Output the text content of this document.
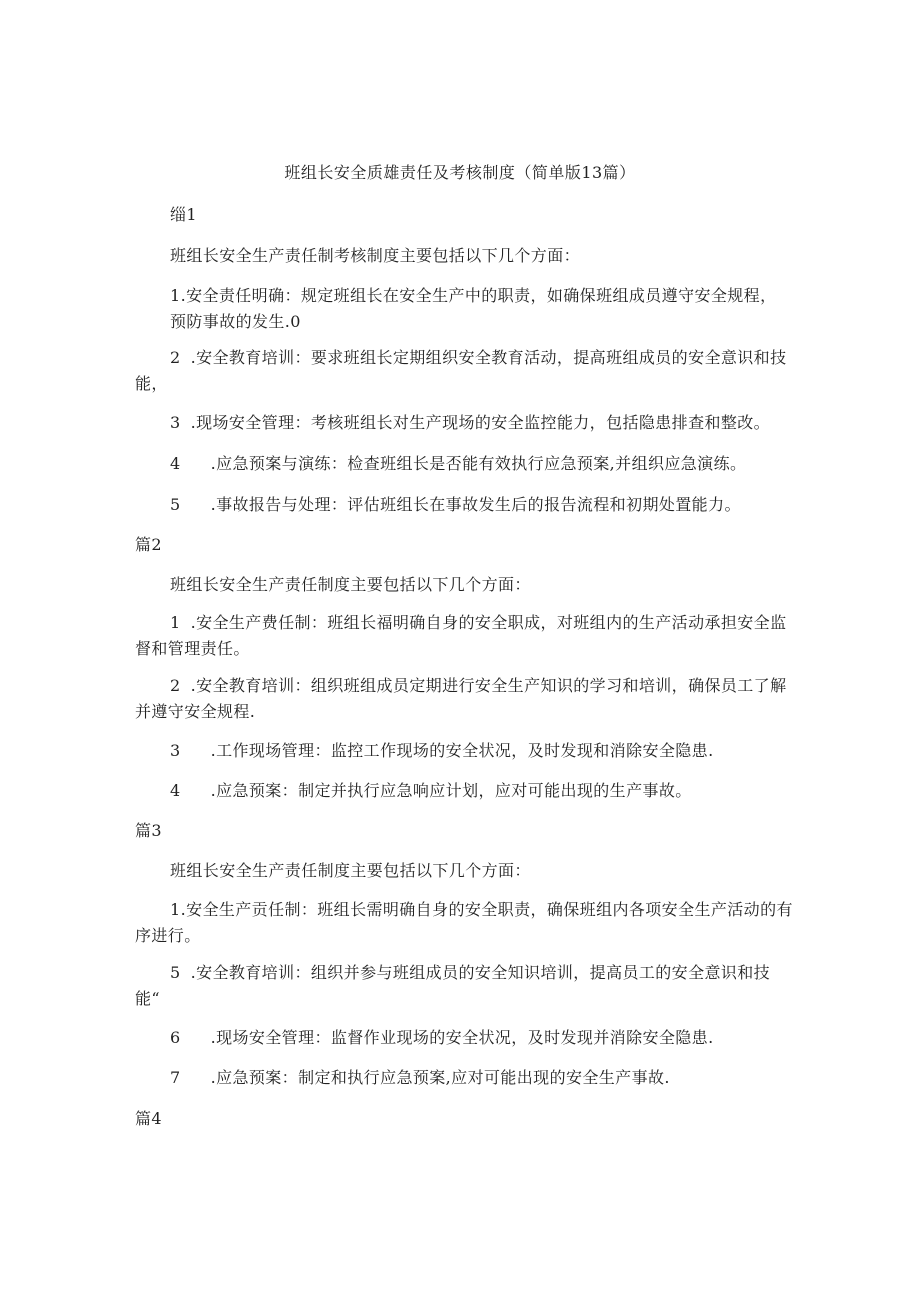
班组长安全质雄责任及考核制度（简单版13篇）
缁1
班组长安全生产责任制考核制度主要包括以下几个方面：
1.安全责任明确：规定班组长在安全生产中的职责，如确保班组成员遵守安全规程，预防事故的发生.0
2 .安全教育培训：要求班组长定期组织安全教育活动，提高班组成员的安全意识和技能，
3 .现场安全管理：考核班组长对生产现场的安全监控能力，包括隐患排查和整改。
4 .应急预案与演练：检查班组长是否能有效执行应急预案,并组织应急演练。
5 .事故报告与处理：评估班组长在事故发生后的报告流程和初期处置能力。
篇2
班组长安全生产责任制度主要包括以下几个方面：
1 .安全生产费任制：班组长福明确自身的安全职成，对班组内的生产活动承担安全监督和管理责任。
2 .安全教育培训：组织班组成员定期进行安全生产知识的学习和培训，确保员工了解并遵守安全规程.
3 .工作现场管理：监控工作现场的安全状况，及时发现和消除安全隐患.
4 .应急预案：制定并执行应急响应计划，应对可能出现的生产事故。
篇3
班组长安全生产责任制度主要包括以下几个方面：
1.安全生产贡任制：班组长需明确自身的安全职责，确保班组内各项安全生产活动的有序进行。
5 .安全教育培训：组织并参与班组成员的安全知识培训，提高员工的安全意识和技能“
6 .现场安全管理：监督作业现场的安全状况，及时发现并消除安全隐患.
7 .应急预案：制定和执行应急预案,应对可能出现的安全生产事故.
篇4
